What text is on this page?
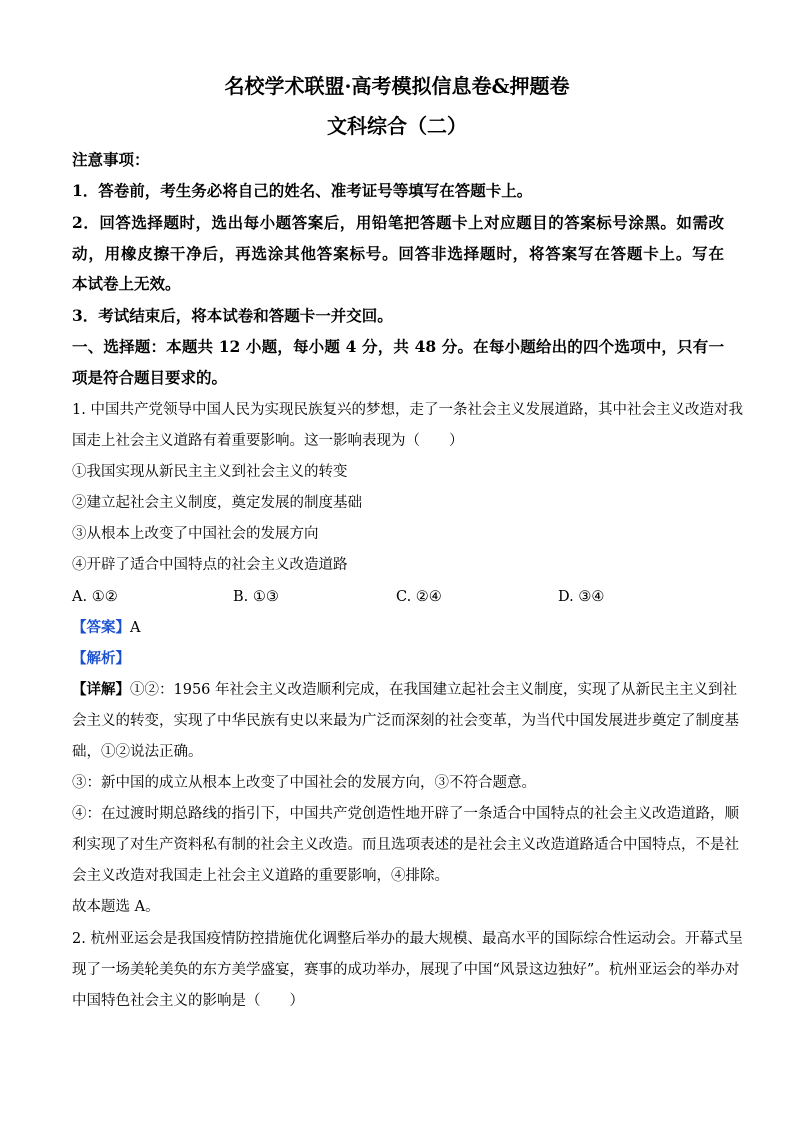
名校学术联盟·高考模拟信息卷&押题卷
文科综合（二）
注意事项：
1．答卷前，考生务必将自己的姓名、准考证号等填写在答题卡上。
2．回答选择题时，选出每小题答案后，用铅笔把答题卡上对应题目的答案标号涂黑。如需改
动，用橡皮擦干净后，再选涂其他答案标号。回答非选择题时，将答案写在答题卡上。写在
本试卷上无效。
3．考试结束后，将本试卷和答题卡一并交回。
一、选择题：本题共 12 小题，每小题 4 分，共 48 分。在每小题给出的四个选项中，只有一
项是符合题目要求的。
1. 中国共产党领导中国人民为实现民族复兴的梦想，走了一条社会主义发展道路，其中社会主义改造对我
国走上社会主义道路有着重要影响。这一影响表现为（　　）
①我国实现从新民主主义到社会主义的转变
②建立起社会主义制度，奠定发展的制度基础
③从根本上改变了中国社会的发展方向
④开辟了适合中国特点的社会主义改造道路
A. ①②	B. ①③	C. ②④	D. ③④
【答案】A
【解析】
【详解】①②：1956 年社会主义改造顺利完成，在我国建立起社会主义制度，实现了从新民主主义到社
会主义的转变，实现了中华民族有史以来最为广泛而深刻的社会变革，为当代中国发展进步奠定了制度基
础，①②说法正确。
③：新中国的成立从根本上改变了中国社会的发展方向，③不符合题意。
④：在过渡时期总路线的指引下，中国共产党创造性地开辟了一条适合中国特点的社会主义改造道路，顺
利实现了对生产资料私有制的社会主义改造。而且选项表述的是社会主义改造道路适合中国特点，不是社
会主义改造对我国走上社会主义道路的重要影响，④排除。
故本题选 A。
2. 杭州亚运会是我国疫情防控措施优化调整后举办的最大规模、最高水平的国际综合性运动会。开幕式呈
现了一场美轮美奂的东方美学盛宴，赛事的成功举办，展现了中国“风景这边独好”。杭州亚运会的举办对
中国特色社会主义的影响是（　　）
